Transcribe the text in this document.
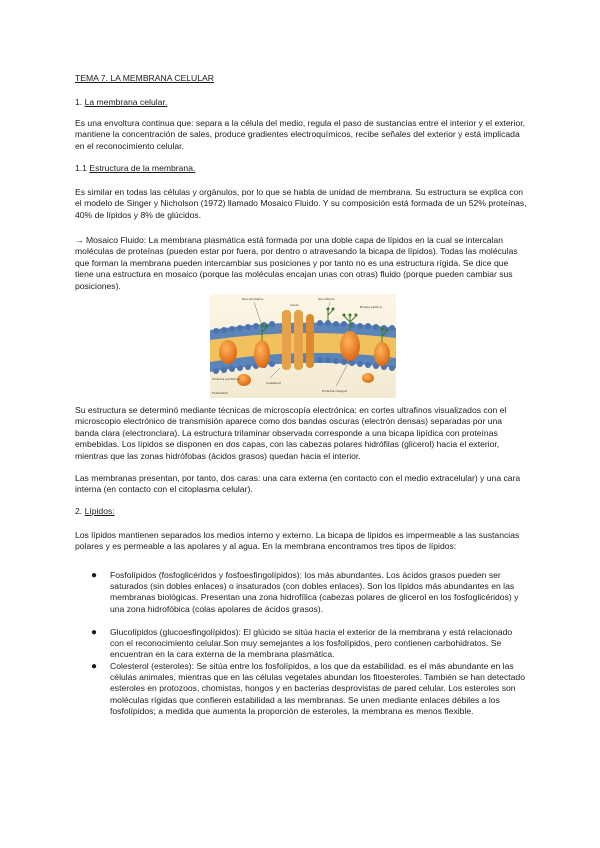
TEMA 7. LA MEMBRANA CELULAR

1. La membrana celular.

Es una envoltura continua que: separa a la célula del medio, regula el paso de sustancias entre el interior y el exterior, mantiene la concentración de sales, produce gradientes electroquímicos, recibe señales del exterior y está implicada en el reconocimiento celular.

1.1 Estructura de la membrana.

Es similar en todas las células y orgánulos, por lo que se habla de unidad de membrana. Su estructura se explica con el modelo de Singer y Nicholson (1972) llamado Mosaico Fluido. Y su composición está formada de un 52% proteínas, 40% de lípidos y 8% de glúcidos.

→ Mosaico Fluido: La membrana plasmática está formada por una doble capa de lípidos en la cual se intercalan moléculas de proteínas (pueden estar por fuera, por dentro o atravesando la bicapa de lípidos). Todas las moléculas que forman la membrana pueden intercambiar sus posiciones y por tanto no es una estructura rígida. Se dice que tiene una estructura en mosaico (porque las moléculas encajan unas con otras) fluido (porque pueden cambiar sus posiciones).

Glucoproteína	Glucolípido
Proteína periférica
Bicapa lipídica
Colesterol
Proteína integral
Fosfolípido
Canal

Su estructura se determinó mediante técnicas de microscopía electrónica: en cortes ultrafinos visualizados con el microscopio electrónico de transmisión aparece como dos bandas oscuras (electrón densas) separadas por una banda clara (electronclara). La estructura trilaminar observada corresponde a una bicapa lipídica con proteínas embebidas. Los lípidos se disponen en dos capas, con las cabezas polares hidrófilas (glicerol) hacia el exterior, mientras que las zonas hidrófobas (ácidos grasos) quedan hacia el interior.

Las membranas presentan, por tanto, dos caras: una cara externa (en contacto con el medio extracelular) y una cara interna (en contacto con el citoplasma celular).

2. Lípidos:

Los lípidos mantienen separados los medios interno y externo. La bicapa de lípidos es impermeable a las sustancias polares y es permeable a las apolares y al agua. En la membrana encontramos tres tipos de lípidos:

● Fosfolípidos (fosfoglicéridos y fosfoesfingolípidos): los más abundantes. Los ácidos grasos pueden ser saturados (sin dobles enlaces) o insaturados (con dobles enlaces). Son los lípidos más abundantes en las membranas biológicas. Presentan una zona hidrofílica (cabezas polares de glicerol en los fosfoglicéridos) y una zona hidrofóbica (colas apolares de ácidos grasos).

● Glucolípidos (glucoesfingolípidos): El glúcido se sitúa hacia el exterior de la membrana y está relacionado con el reconocimiento celular.Son muy semejantes a los fosfolípidos, pero contienen carbohidratos. Se encuentran en la cara externa de la membrana plasmática.

● Colesterol (esteroles): Se sitúa entre los fosfolípidos, a los que da estabilidad. es el más abundante en las células animales, mientras que en las células vegetales abundan los fitoesteroles. También se han detectado esteroles en protozoos, chomistas, hongos y en bacterias desprovistas de pared celular. Los esteroles son moléculas rígidas que confieren estabilidad a las membranas. Se unen mediante enlaces débiles a los fosfolípidos; a medida que aumenta la proporción de esteroles, la membrana es menos flexible.
